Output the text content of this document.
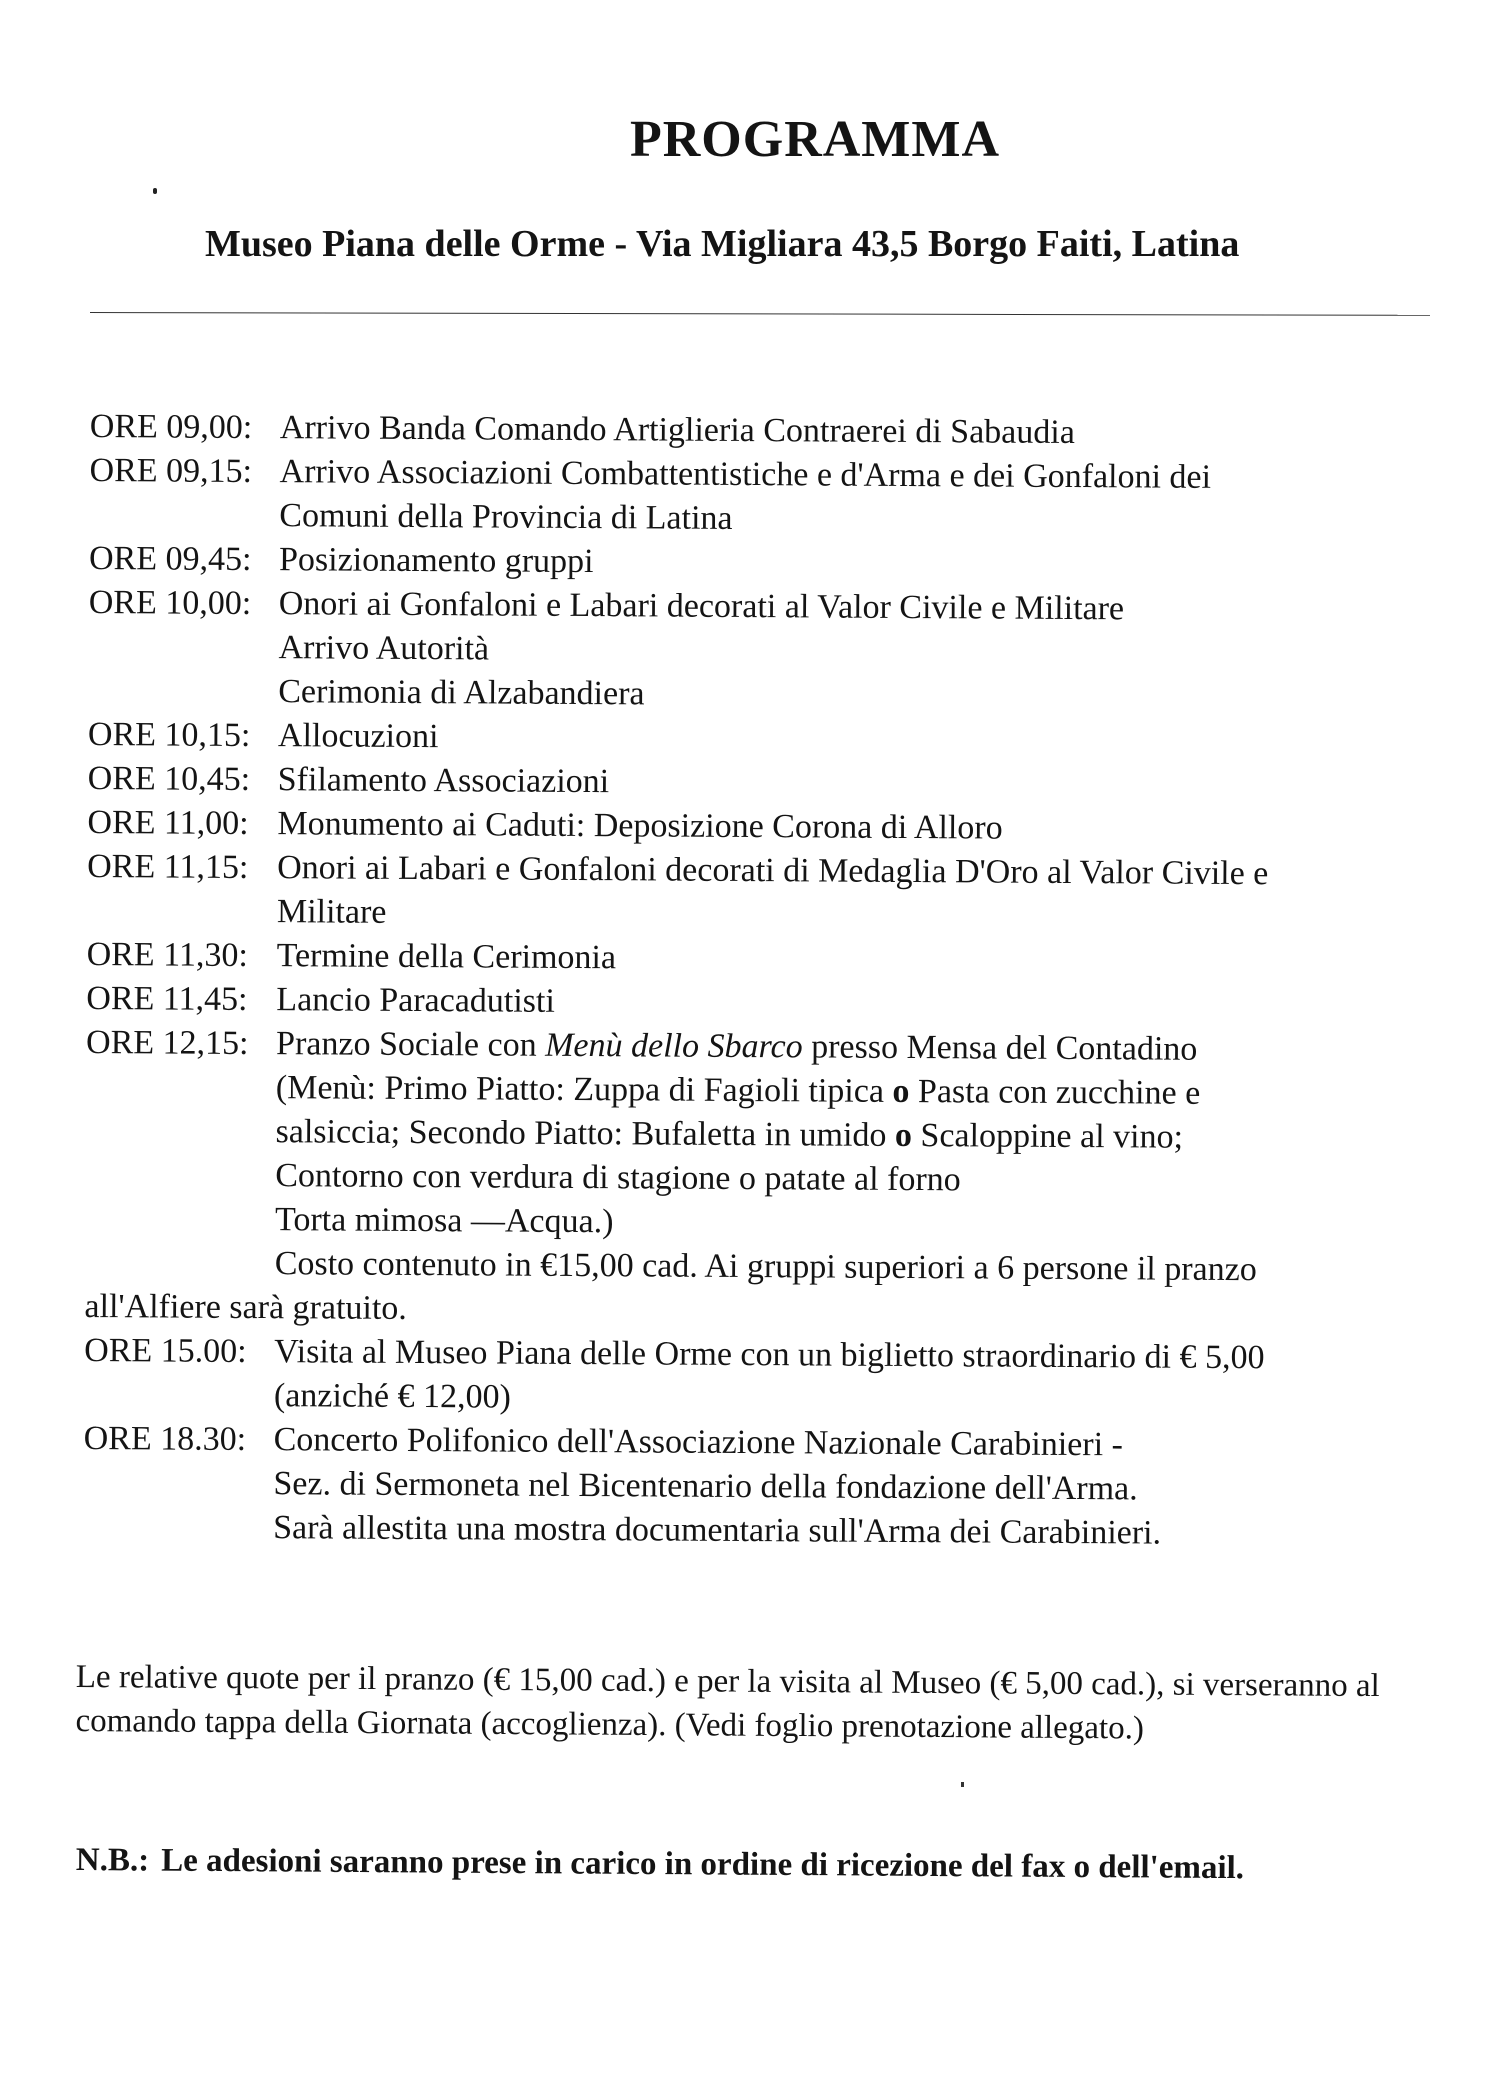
PROGRAMMA
Museo Piana delle Orme - Via Migliara 43,5 Borgo Faiti, Latina
ORE 09,00: Arrivo Banda Comando Artiglieria Contraerei di Sabaudia
ORE 09,15: Arrivo Associazioni Combattentistiche e d'Arma e dei Gonfaloni dei
Comuni della Provincia di Latina
ORE 09,45: Posizionamento gruppi
ORE 10,00: Onori ai Gonfaloni e Labari decorati al Valor Civile e Militare
Arrivo Autorità
Cerimonia di Alzabandiera
ORE 10,15: Allocuzioni
ORE 10,45: Sfilamento Associazioni
ORE 11,00: Monumento ai Caduti: Deposizione Corona di Alloro
ORE 11,15: Onori ai Labari e Gonfaloni decorati di Medaglia D'Oro al Valor Civile e
Militare
ORE 11,30: Termine della Cerimonia
ORE 11,45: Lancio Paracadutisti
ORE 12,15: Pranzo Sociale con Menù dello Sbarco presso Mensa del Contadino
(Menù: Primo Piatto: Zuppa di Fagioli tipica o Pasta con zucchine e
salsiccia; Secondo Piatto: Bufaletta in umido o Scaloppine al vino;
Contorno con verdura di stagione o patate al forno
Torta mimosa —Acqua.)
Costo contenuto in €15,00 cad. Ai gruppi superiori a 6 persone il pranzo
all'Alfiere sarà gratuito.
ORE 15.00: Visita al Museo Piana delle Orme con un biglietto straordinario di € 5,00
(anziché € 12,00)
ORE 18.30: Concerto Polifonico dell'Associazione Nazionale Carabinieri -
Sez. di Sermoneta nel Bicentenario della fondazione dell'Arma.
Sarà allestita una mostra documentaria sull'Arma dei Carabinieri.

Le relative quote per il pranzo (€ 15,00 cad.) e per la visita al Museo (€ 5,00 cad.), si verseranno al comando tappa della Giornata (accoglienza). (Vedi foglio prenotazione allegato.)

N.B.: Le adesioni saranno prese in carico in ordine di ricezione del fax o dell'email.
